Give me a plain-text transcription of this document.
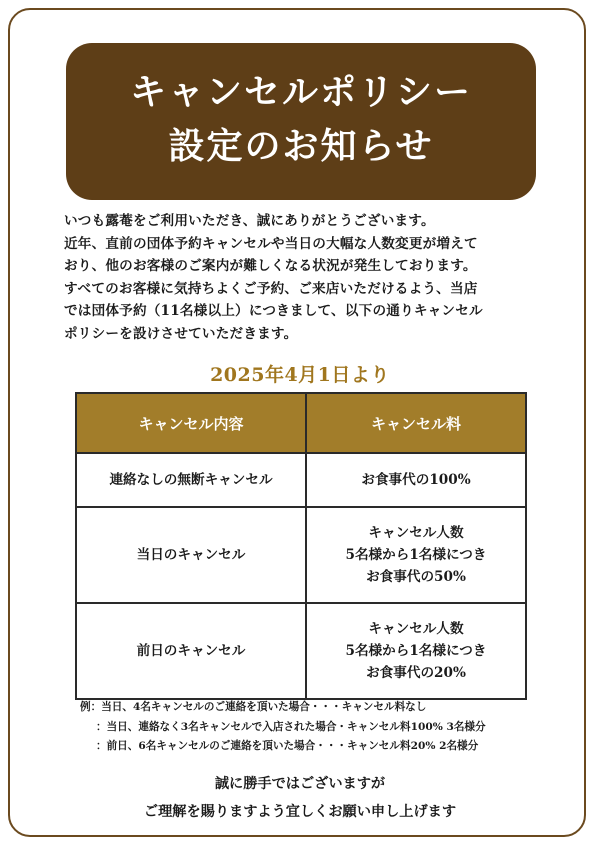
キャンセルポリシー
設定のお知らせ

いつも露菴をご利用いただき、誠にありがとうございます。

近年、直前の団体予約キャンセルや当日の大幅な人数変更が増えて

おり、他のお客様のご案内が難しくなる状況が発生しております。

すべてのお客様に気持ちよくご予約、ご来店いただけるよう、当店

では団体予約（11名様以上）につきまして、以下の通りキャンセル

ポリシーを設けさせていただきます。

2025年4月1日より
キャンセル内容	キャンセル料
連絡なしの無断キャンセル	お食事代の100%
当日のキャンセル	キャンセル人数
5名様から1名様につき
お食事代の50%

前日のキャンセル	キャンセル人数
5名様から1名様につき
お食事代の20%
例：当日、4名キャンセルのご連絡を頂いた場合・・・キャンセル料なし
：当日、連絡なく3名キャンセルで入店された場合・キャンセル料100% 3名様分
：前日、6名キャンセルのご連絡を頂いた場合・・・キャンセル料20% 2名様分

誠に勝手ではございますが

ご理解を賜りますよう宜しくお願い申し上げます
